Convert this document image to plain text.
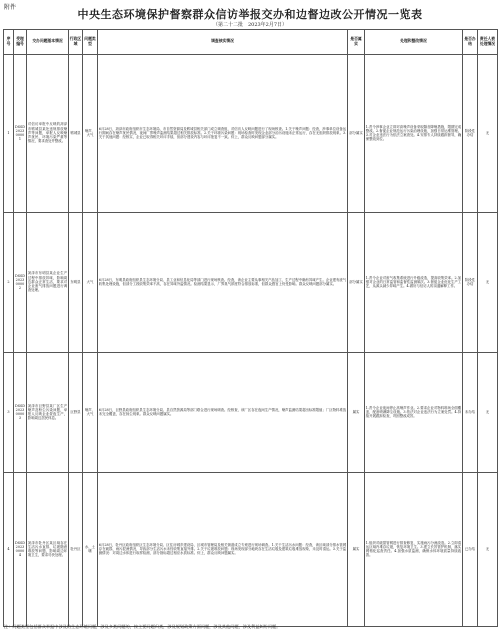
附件
中央生态环境保护督察群众信访举报交办和边督边改公开情况一览表
（第二十二批　2023年2月7日）
序号	受理编号	交办问题基本情况	行政区域	问题类型	调查核实情况	是否属实	处理和整改情况	是否办结	责任人被处理情况
1	DSSD202300001	对信访举报中反映的菏泽市郓城县某处违规排放噪声等问题，举报人反映噪声扰民、环境污染严重等情况，要求查处并整改。	郓城县	噪声、大气	6月28日，菏泽市政府组织市生态环境局、市自然资源局及郓城县相关部门成立调查组，对信访人反映问题进行了现场核查。1.关于噪声问题：经查，涉事单位设备运行期间存在噪声扰民情况，夜间厂界噪声监测结果超过相关排放标准。2.关于环境污染问题：现场检查时发现企业部分治污设施未正常运行，存在无组织排放现象。3.关于其他问题：经核实，企业已取得相关环评手续，但部分建设内容与环评批复不一致。综上，群众反映问题部分属实。	部分属实	1.责令涉事企业立即对高噪声设备采取隔音降噪措施，限期完成整改。2.督促企业规范运行污染治理设施，加强日常运维管理。3.对企业违法行为依法立案查处。4.安排专人持续跟踪督导，确保整改到位。	阶段性办结	无
2	DSSD202300002	菏泽市东明县某企业生产过程中排放异味，影响周边群众正常生活，要求对企业废气排放问题进行调查处理。	东明县	大气	6月28日，东明县政府组织县生态环境分局、县工业和信息化局等部门进行现场核查。经查，该企业主要从事相关产品加工，生产过程中确有异味产生。企业建有废气收集处理设施，但部分工段收集效率不高，存在异味外溢情况。检测结果显示，厂界臭气浓度符合排放标准，但群众感官上仍受影响。群众反映问题部分属实。	部分属实	1.责令企业对废气收集系统进行升级改造，提高收集效率。2.加强对企业的日常监管和监督性监测频次。3.督促企业优化生产工艺，从源头减少异味产生。4.做好与信访人的沟通解释工作。	阶段性办结	无
3	DSSD202300003	菏泽市巨野县某厂区生产噪声及粉尘污染问题，举报人反映企业昼夜生产，影响周边居民休息。	巨野县	噪声、大气	6月28日，巨野县政府组织县生态环境分局、县自然资源局等部门联合进行现场调查。经核查，该厂区存在夜间生产情况，噪声监测结果超出标准限值；厂区物料堆放未完全覆盖，存在扬尘现象。群众反映问题属实。	属实	1.责令企业夜间停止高噪声作业。2.要求企业对物料堆场全面覆盖，配备喷淋降尘设施。3.依法对企业违法行为立案处罚。4.持续开展跟踪检查，巩固整改成效。	未办结	无
4	DSSD202300004	菏泽市牡丹区某区域存在生活污水直排、垃圾随意堆放等问题，影响周边环境卫生，要求尽快处理。	牡丹区	水、土壤	6月28日，牡丹区政府组织区生态环境分局、区住房城乡建设局、区城市管理局及相关街道成立专班进行现场调查。1.关于生活污水问题：经查，该区域部分排水管网存在破损、雨污混流情况，导致部分生活污水未经收集直接外排。2.关于垃圾堆放问题：现场发现部分地块存在生活垃圾及建筑垃圾堆放现象，未及时清运。3.关于监测情况：对周边水体进行取样检测，部分指标超过相应水质标准。综上，群众反映问题属实。	属实	1.组织对破损管网进行排查修复，实施雨污分流改造。2.立即清运区域内堆存垃圾，恢复环境卫生。3.建立长效管护机制，落实网格化巡查责任。4.加强水质监测，确保水体环境质量持续改善。	已办结	无
注：问题类型包括群众举报中涉及的生态环境问题，涉及多类问题的，按主要问题归类，涉及规划政策方面问题，涉及其他问题，涉及利益纠纷问题。
